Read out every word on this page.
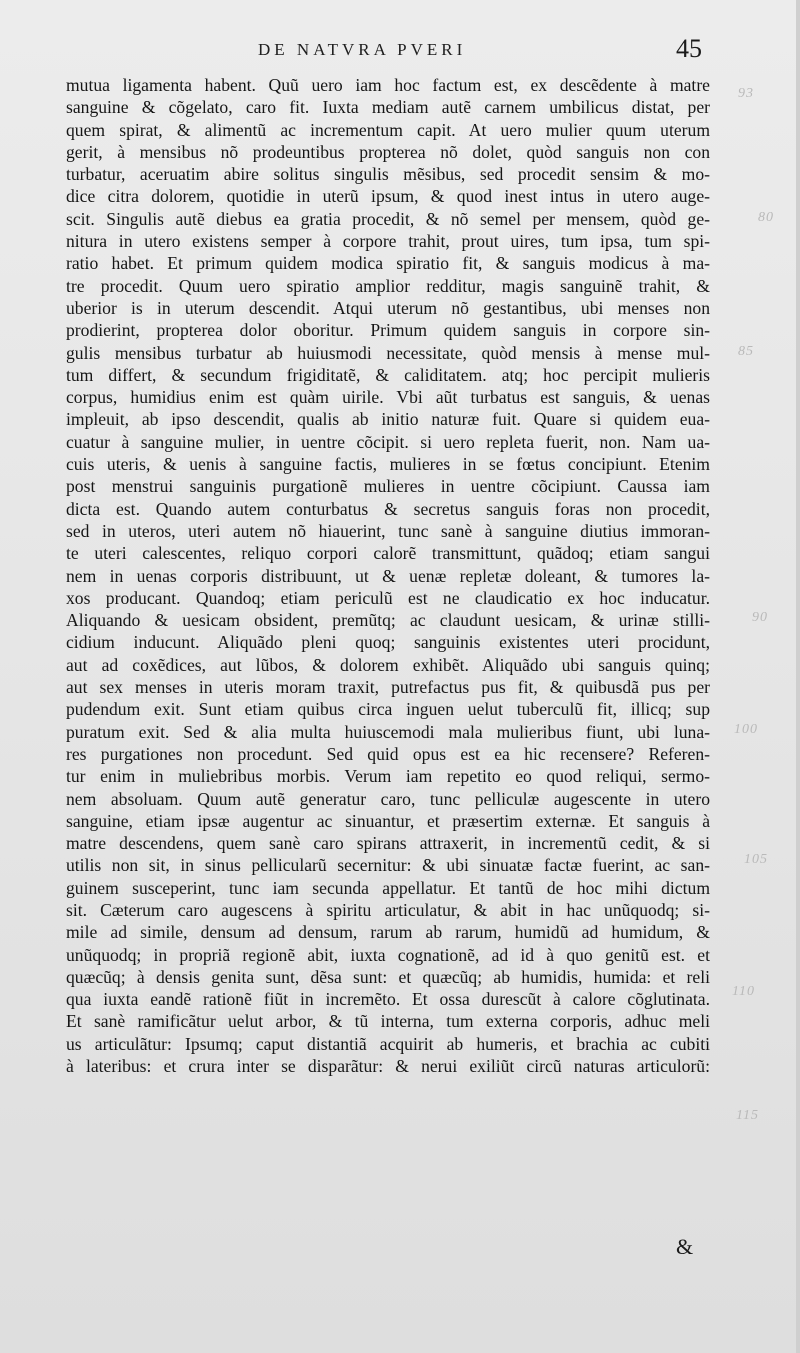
DE NATVRA PVERI	45
mutua ligamenta habent. Quũ uero iam hoc factum est, ex descẽdente à matre
sanguine & cõgelato, caro fit. Iuxta mediam autẽ carnem umbilicus distat, per
quem spirat, & alimentũ ac incrementum capit. At uero mulier quum uterum
gerit, à mensibus nõ prodeuntibus propterea nõ dolet, quòd sanguis non con
turbatur, aceruatim abire solitus singulis mẽsibus, sed procedit sensim & mo-
dice citra dolorem, quotidie in uterũ ipsum, & quod inest intus in utero auge-
scit. Singulis autẽ diebus ea gratia procedit, & nõ semel per mensem, quòd ge-
nitura in utero existens semper à corpore trahit, prout uires, tum ipsa, tum spi-
ratio habet. Et primum quidem modica spiratio fit, & sanguis modicus à ma-
tre procedit. Quum uero spiratio amplior redditur, magis sanguinẽ trahit, &
uberior is in uterum descendit. Atqui uterum nõ gestantibus, ubi menses non
prodierint, propterea dolor oboritur. Primum quidem sanguis in corpore sin-
gulis mensibus turbatur ab huiusmodi necessitate, quòd mensis à mense mul-
tum differt, & secundum frigiditatẽ, & caliditatem. atq; hoc percipit mulieris
corpus, humidius enim est quàm uirile. Vbi aũt turbatus est sanguis, & uenas
impleuit, ab ipso descendit, qualis ab initio naturæ fuit. Quare si quidem eua-
cuatur à sanguine mulier, in uentre cõcipit. si uero repleta fuerit, non. Nam ua-
cuis uteris, & uenis à sanguine factis, mulieres in se fœtus concipiunt. Etenim
post menstrui sanguinis purgationẽ mulieres in uentre cõcipiunt. Caussa iam
dicta est. Quando autem conturbatus & secretus sanguis foras non procedit,
sed in uteros, uteri autem nõ hiauerint, tunc sanè à sanguine diutius immoran-
te uteri calescentes, reliquo corpori calorẽ transmittunt, quãdoq; etiam sangui
nem in uenas corporis distribuunt, ut & uenæ repletæ doleant, & tumores la-
xos producant. Quandoq; etiam periculũ est ne claudicatio ex hoc inducatur.
Aliquando & uesicam obsident, premũtq; ac claudunt uesicam, & urinæ stilli-
cidium inducunt. Aliquãdo pleni quoq; sanguinis existentes uteri procidunt,
aut ad coxẽdices, aut lũbos, & dolorem exhibẽt. Aliquãdo ubi sanguis quinq;
aut sex menses in uteris moram traxit, putrefactus pus fit, & quibusdã pus per
pudendum exit. Sunt etiam quibus circa inguen uelut tuberculũ fit, illicq; sup
puratum exit. Sed & alia multa huiuscemodi mala mulieribus fiunt, ubi luna-
res purgationes non procedunt. Sed quid opus est ea hic recensere? Referen-
tur enim in muliebribus morbis. Verum iam repetito eo quod reliqui, sermo-
nem absoluam. Quum autẽ generatur caro, tunc pelliculæ augescente in utero
sanguine, etiam ipsæ augentur ac sinuantur, et præsertim externæ. Et sanguis à
matre descendens, quem sanè caro spirans attraxerit, in incrementũ cedit, & si
utilis non sit, in sinus pellicularũ secernitur: & ubi sinuatæ factæ fuerint, ac san-
guinem susceperint, tunc iam secunda appellatur. Et tantũ de hoc mihi dictum
sit. Cæterum caro augescens à spiritu articulatur, & abit in hac unũquodq; si-
mile ad simile, densum ad densum, rarum ab rarum, humidũ ad humidum, &
unũquodq; in propriã regionẽ abit, iuxta cognationẽ, ad id à quo genitũ est. et
quæcũq; à densis genita sunt, dẽsa sunt: et quæcũq; ab humidis, humida: et reli
qua iuxta eandẽ rationẽ fiũt in incremẽto. Et ossa durescũt à calore cõglutinata.
Et sanè ramificãtur uelut arbor, & tũ interna, tum externa corporis, adhuc meli
us articulãtur: Ipsumq; caput distantiã acquirit ab humeris, et brachia ac cubiti
à lateribus: et crura inter se disparãtur: & nerui exiliũt circũ naturas articulorũ:
&
93
80
85
90
100
105
110
115
